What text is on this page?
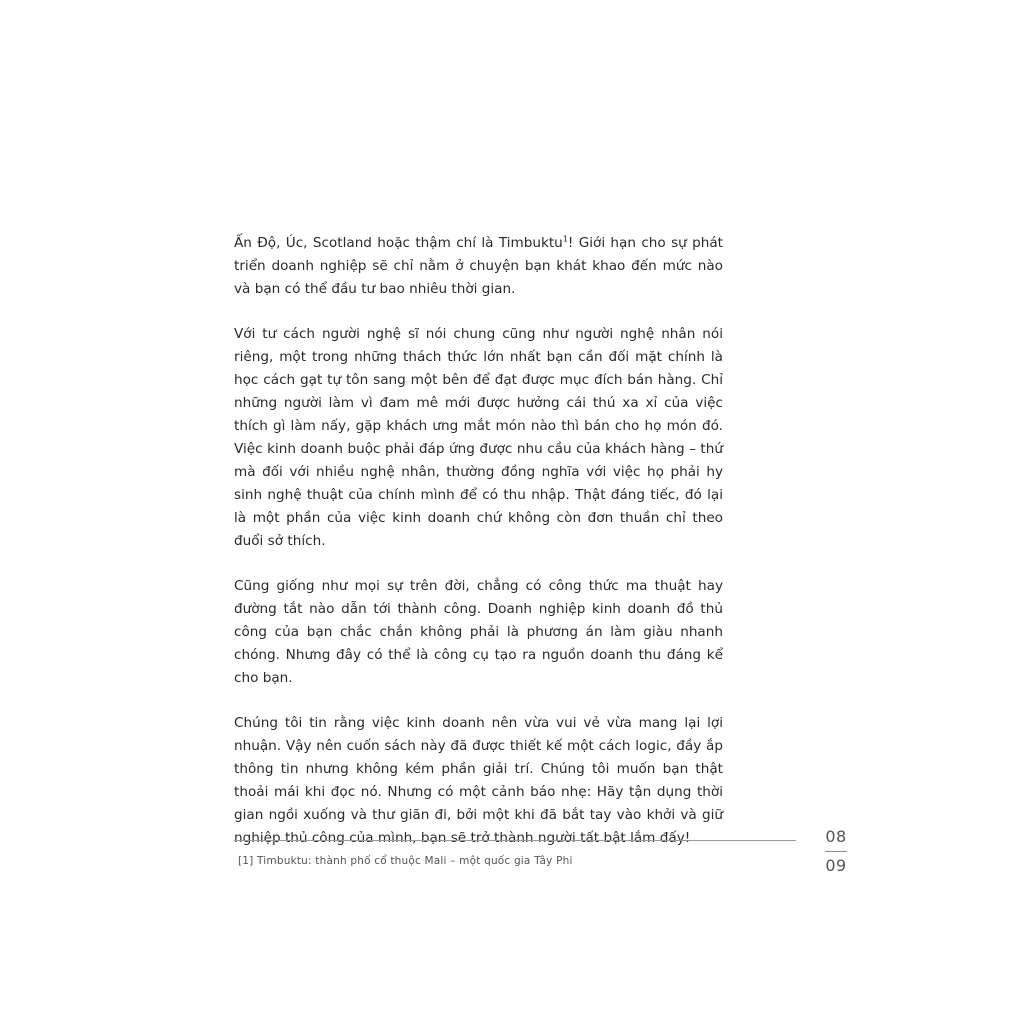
Ấn Độ, Úc, Scotland hoặc thậm chí là Timbuktu$^1$! Giới hạn cho sự phát triển doanh nghiệp sẽ chỉ nằm ở chuyện bạn khát khao đến mức nào và bạn có thể đầu tư bao nhiêu thời gian.

Với tư cách người nghệ sĩ nói chung cũng như người nghệ nhân nói riêng, một trong những thách thức lớn nhất bạn cần đối mặt chính là học cách gạt tự tôn sang một bên để đạt được mục đích bán hàng. Chỉ những người làm vì đam mê mới được hưởng cái thú xa xỉ của việc thích gì làm nấy, gặp khách ưng mắt món nào thì bán cho họ món đó. Việc kinh doanh buộc phải đáp ứng được nhu cầu của khách hàng – thứ mà đối với nhiều nghệ nhân, thường đồng nghĩa với việc họ phải hy sinh nghệ thuật của chính mình để có thu nhập. Thật đáng tiếc, đó lại là một phần của việc kinh doanh chứ không còn đơn thuần chỉ theo đuổi sở thích.

Cũng giống như mọi sự trên đời, chẳng có công thức ma thuật hay đường tắt nào dẫn tới thành công. Doanh nghiệp kinh doanh đồ thủ công của bạn chắc chắn không phải là phương án làm giàu nhanh chóng. Nhưng đây có thể là công cụ tạo ra nguồn doanh thu đáng kể cho bạn.

Chúng tôi tin rằng việc kinh doanh nên vừa vui vẻ vừa mang lại lợi nhuận. Vậy nên cuốn sách này đã được thiết kế một cách logic, đầy ắp thông tin nhưng không kém phần giải trí. Chúng tôi muốn bạn thật thoải mái khi đọc nó. Nhưng có một cảnh báo nhẹ: Hãy tận dụng thời gian ngồi xuống và thư giãn đi, bởi một khi đã bắt tay vào khởi và giữ nghiệp thủ công của mình, bạn sẽ trở thành người tất bật lắm đấy!

[1] Timbuktu: thành phố cổ thuộc Mali – một quốc gia Tây Phi
08
09
